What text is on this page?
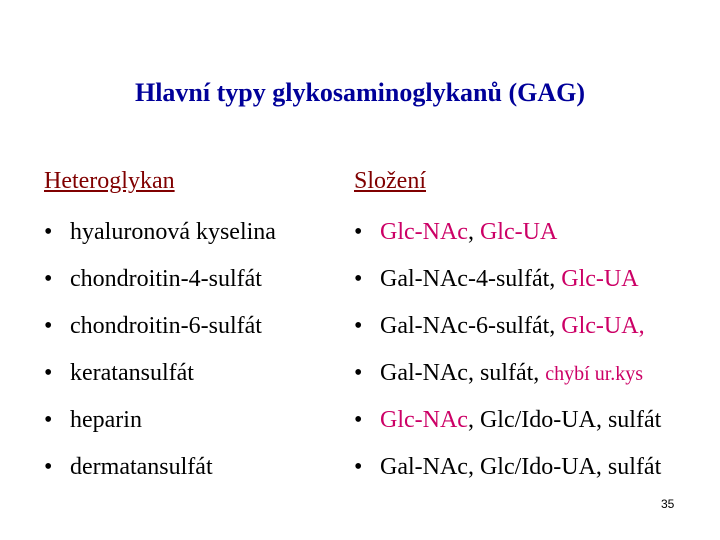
Hlavní typy glykosaminoglykanů (GAG)
Heteroglykan	Složení
• hyaluronová kyselina	• Glc-NAc, Glc-UA
• chondroitin-4-sulfát	• Gal-NAc-4-sulfát, Glc-UA
• chondroitin-6-sulfát	• Gal-NAc-6-sulfát, Glc-UA,
• keratansulfát	• Gal-NAc, sulfát, chybí ur.kys
• heparin	• Glc-NAc, Glc/Ido-UA, sulfát
• dermatansulfát	• Gal-NAc, Glc/Ido-UA, sulfát
35
